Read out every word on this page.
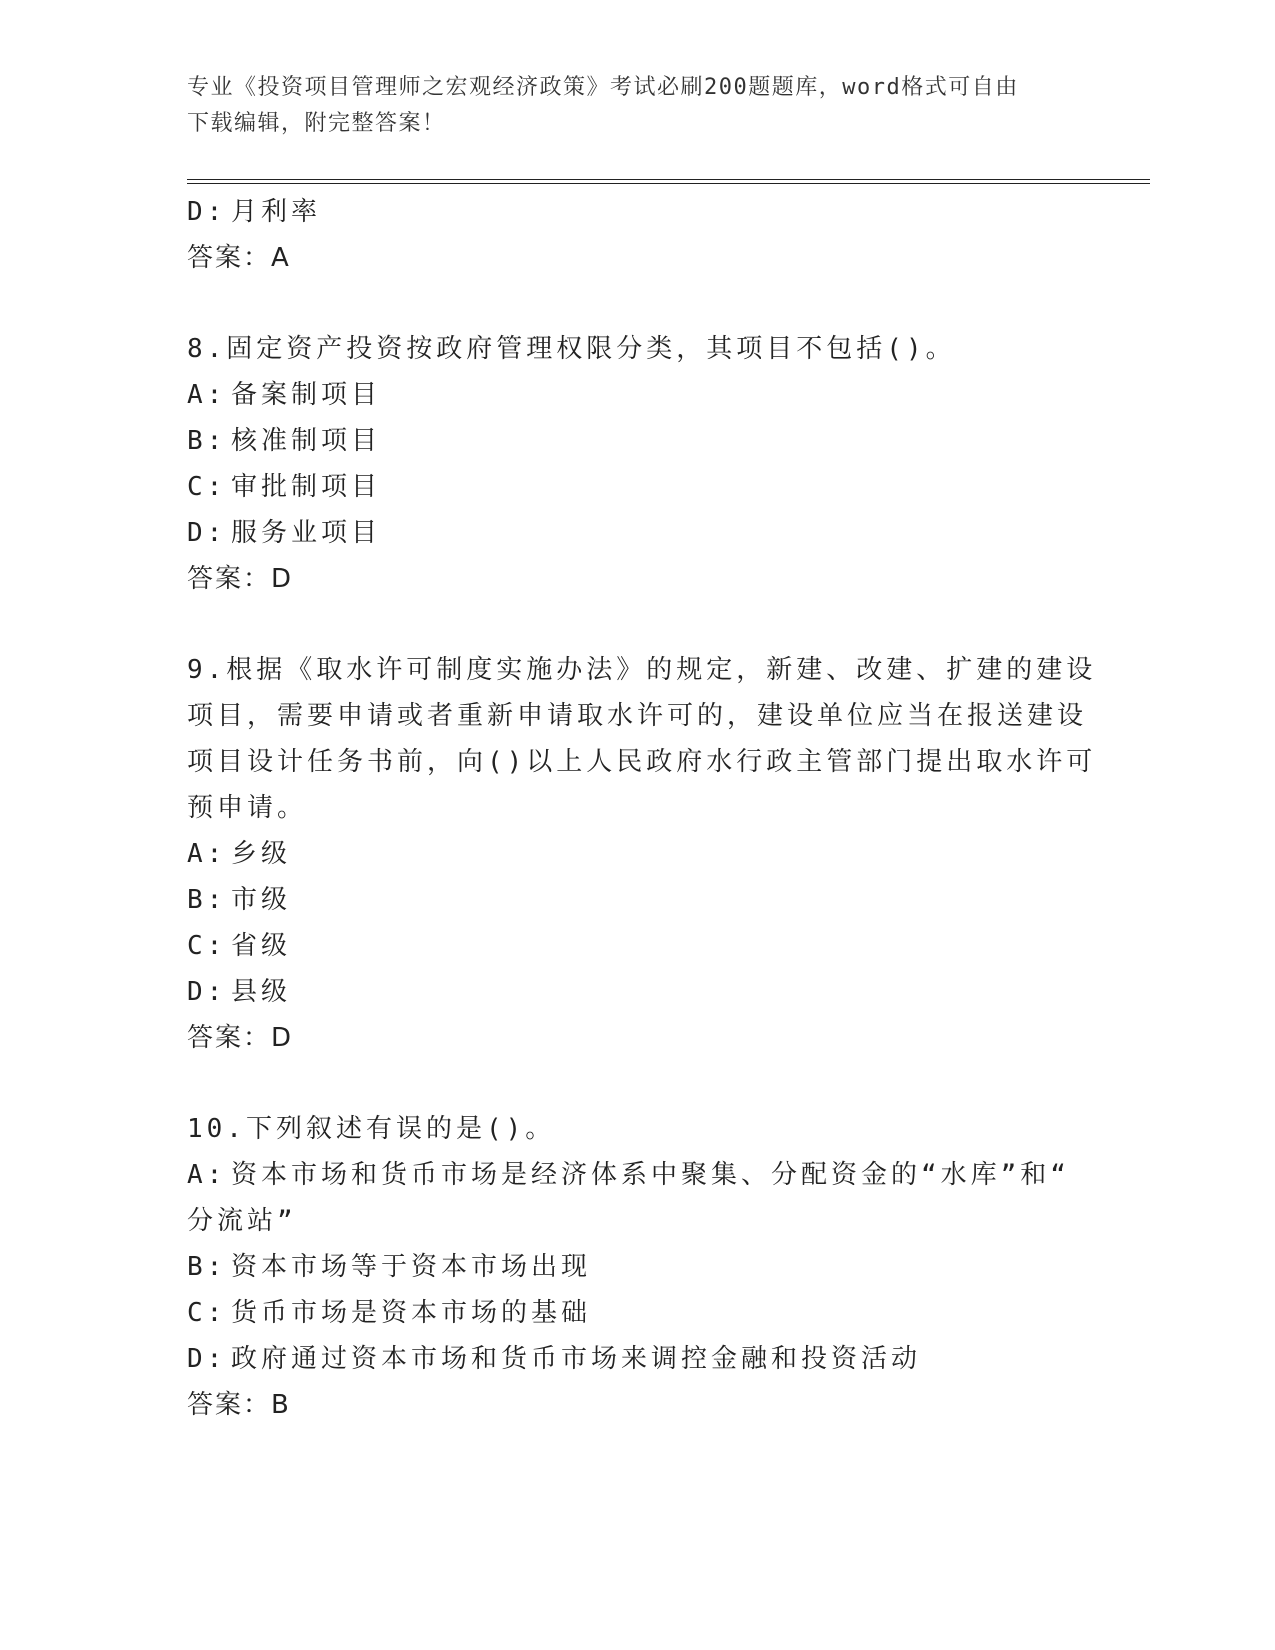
专业《投资项目管理师之宏观经济政策》考试必刷200题题库，word格式可自由
下载编辑，附完整答案！
D: 月利率
答案：A
8.固定资产投资按政府管理权限分类，其项目不包括()。
A: 备案制项目
B: 核准制项目
C: 审批制项目
D: 服务业项目
答案：D
9.根据《取水许可制度实施办法》的规定，新建、改建、扩建的建设
项目，需要申请或者重新申请取水许可的，建设单位应当在报送建设
项目设计任务书前，向()以上人民政府水行政主管部门提出取水许可
预申请。
A: 乡级
B: 市级
C: 省级
D: 县级
答案：D
10.下列叙述有误的是()。
A: 资本市场和货币市场是经济体系中聚集、分配资金的“水库”和“
分流站”
B: 资本市场等于资本市场出现
C: 货币市场是资本市场的基础
D: 政府通过资本市场和货币市场来调控金融和投资活动
答案：B
